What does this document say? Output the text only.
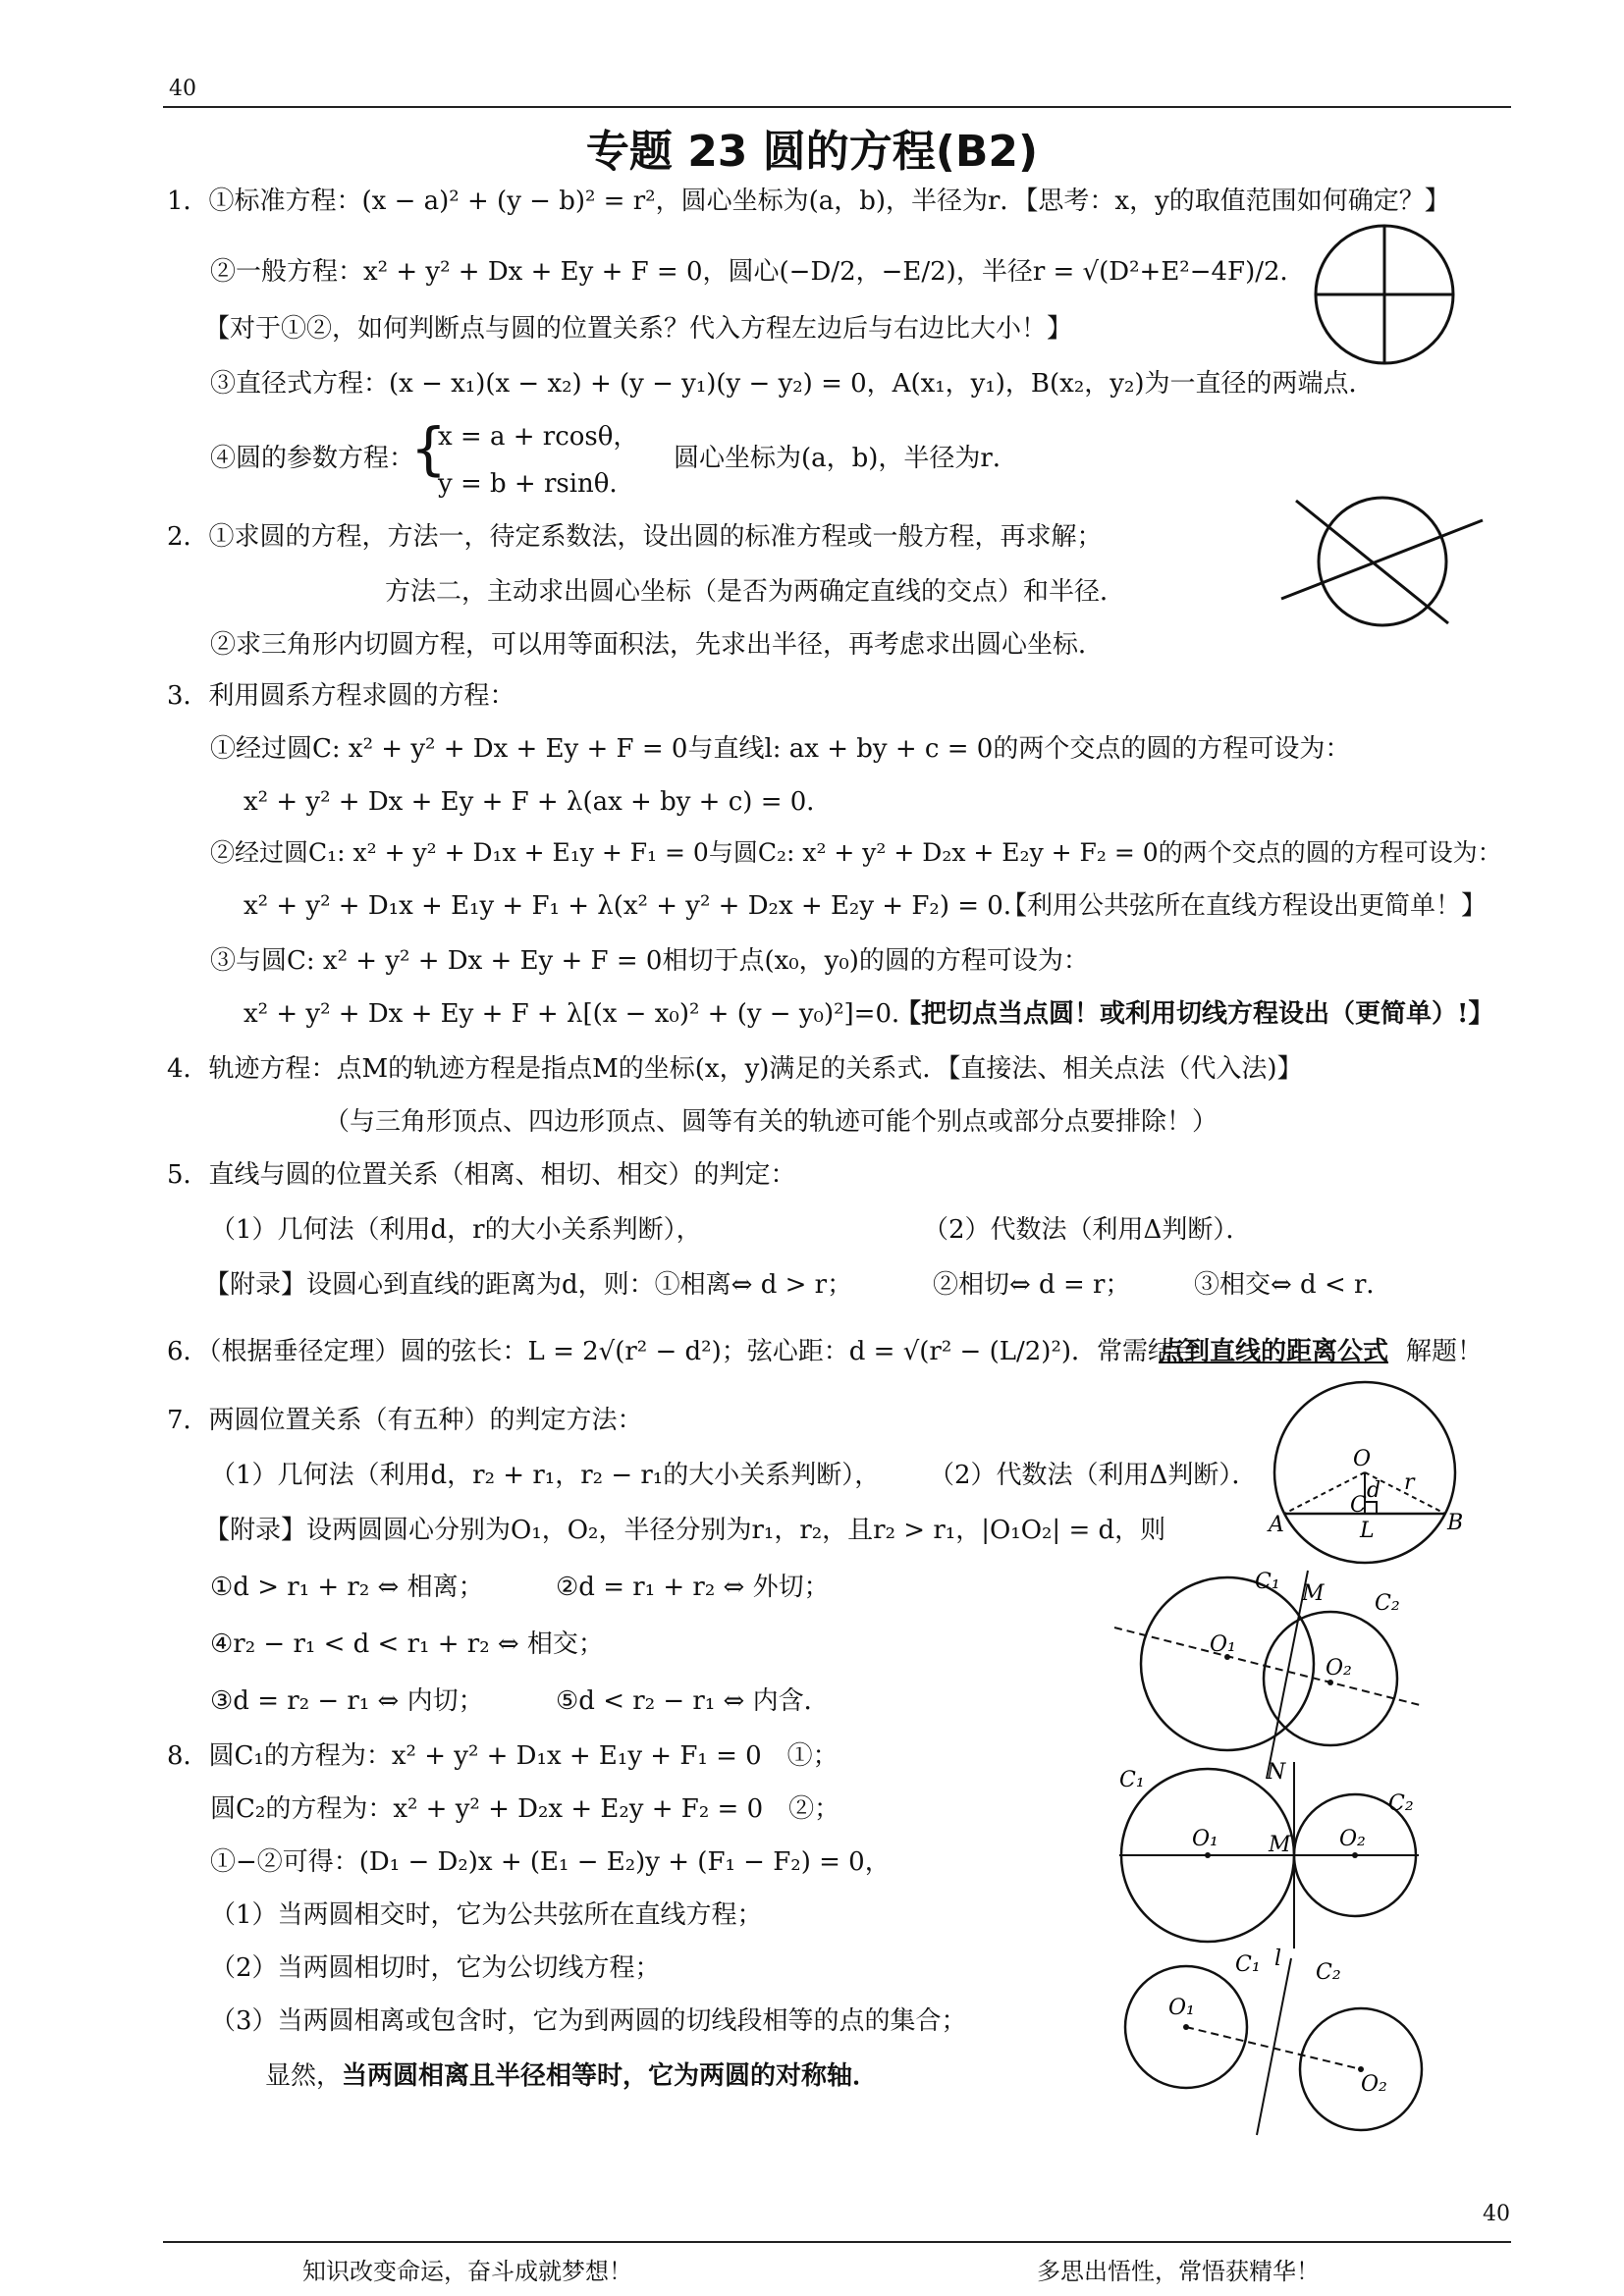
40
专题 23 圆的方程(B2)
1．①标准方程：(x − a)² + (y − b)² = r²，圆心坐标为(a，b)，半径为r．【思考：x，y的取值范围如何确定？】
②一般方程：x² + y² + Dx + Ey + F = 0，圆心(−D/2，−E/2)，半径r = √(D²+E²−4F)/2．
【对于①②，如何判断点与圆的位置关系？代入方程左边后与右边比大小！】
③直径式方程：(x − x₁)(x − x₂) + (y − y₁)(y − y₂) = 0，A(x₁，y₁)，B(x₂，y₂)为一直径的两端点．
④圆的参数方程：
{
x = a + rcosθ，
y = b + rsinθ．
圆心坐标为(a，b)，半径为r．
2．①求圆的方程，方法一，待定系数法，设出圆的标准方程或一般方程，再求解；
方法二，主动求出圆心坐标（是否为两确定直线的交点）和半径．
②求三角形内切圆方程，可以用等面积法，先求出半径，再考虑求出圆心坐标．
3．利用圆系方程求圆的方程：
①经过圆C: x² + y² + Dx + Ey + F = 0与直线l: ax + by + c = 0的两个交点的圆的方程可设为：
x² + y² + Dx + Ey + F + λ(ax + by + c) = 0．
②经过圆C₁: x² + y² + D₁x + E₁y + F₁ = 0与圆C₂: x² + y² + D₂x + E₂y + F₂ = 0的两个交点的圆的方程可设为：
x² + y² + D₁x + E₁y + F₁ + λ(x² + y² + D₂x + E₂y + F₂) = 0．
【利用公共弦所在直线方程设出更简单！】
③与圆C: x² + y² + Dx + Ey + F = 0相切于点(x₀，y₀)的圆的方程可设为：
x² + y² + Dx + Ey + F + λ[(x − x₀)² + (y − y₀)²]=0．
【把切点当点圆！或利用切线方程设出（更简单）!】
4．轨迹方程：点M的轨迹方程是指点M的坐标(x，y)满足的关系式．【直接法、相关点法（代入法)】
（与三角形顶点、四边形顶点、圆等有关的轨迹可能个别点或部分点要排除！）
5．直线与圆的位置关系（相离、相切、相交）的判定：
（1）几何法（利用d，r的大小关系判断），	（2）代数法（利用Δ判断）．
【附录】设圆心到直线的距离为d，则：①相离⇔ d > r；	②相切⇔ d = r； ③相交⇔ d < r．
6．（根据垂径定理）圆的弦长：L = 2√(r² − d²)；弦心距：d = √(r² − (L/2)²)．常需结合
点到直线的距离公式 解题！
7．两圆位置关系（有五种）的判定方法：
（1）几何法（利用d，r₂ + r₁，r₂ − r₁的大小关系判断）， （2）代数法（利用Δ判断）．
【附录】设两圆圆心分别为O₁，O₂，半径分别为r₁，r₂，且r₂ > r₁，|O₁O₂| = d，则
①d > r₁ + r₂ ⇔ 相离；	②d = r₁ + r₂ ⇔ 外切；
④r₂ − r₁ < d < r₁ + r₂ ⇔ 相交；
③d = r₂ − r₁ ⇔ 内切；	⑤d < r₂ − r₁ ⇔ 内含．
8．圆C₁的方程为：x² + y² + D₁x + E₁y + F₁ = 0　①；
圆C₂的方程为：x² + y² + D₂x + E₂y + F₂ = 0　②；
①−②可得：(D₁ − D₂)x + (E₁ − E₂)y + (F₁ − F₂) = 0，
（1）当两圆相交时，它为公共弦所在直线方程；
（2）当两圆相切时，它为公切线方程；
（3）当两圆相离或包含时，它为到两圆的切线段相等的点的集合；
显然， 当两圆相离且半径相等时，它为两圆的对称轴．
O
r
d
C
A	B
L
C₁
C₂
M
N
O₁
O₂
C₁
C₂
M
O₁	O₂
C₁	C₂
l
O₁
O₂
40
知识改变命运，奋斗成就梦想！	多思出悟性，常悟获精华！
